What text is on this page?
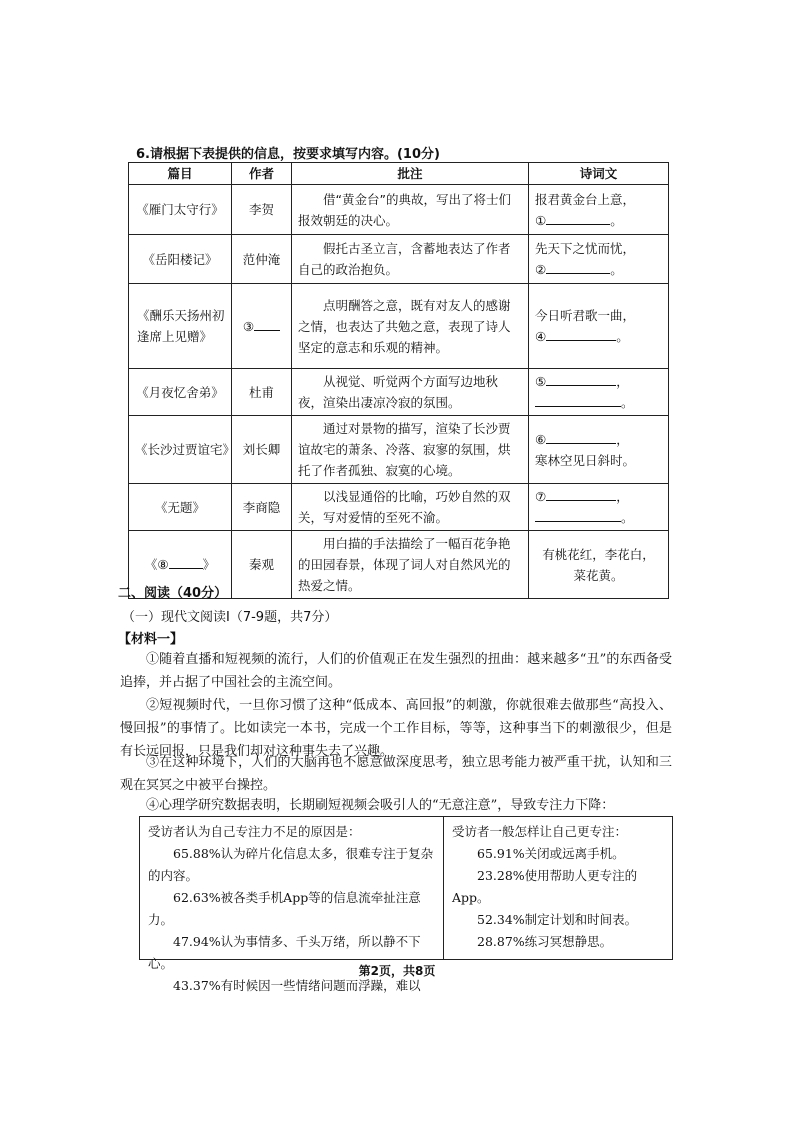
6.请根据下表提供的信息，按要求填写内容。(10分)
篇目	作者	批注	诗词文
《雁门太守行》	李贺	借“黄金台”的典故，写出了将士们报效朝廷的决心。	报君黄金台上意，
① 。

《岳阳楼记》	范仲淹	假托古圣立言，含蓄地表达了作者自己的政治抱负。	先天下之忧而忧，
② 。

《酬乐天扬州初逢席上见赠》	③	点明酬答之意，既有对友人的感谢之情，也表达了共勉之意，表现了诗人坚定的意志和乐观的精神。	今日听君歌一曲，
④ 。

《月夜忆舍弟》	杜甫	从视觉、听觉两个方面写边地秋夜，渲染出凄凉冷寂的氛围。	⑤ ，
。

《长沙过贾谊宅》	刘长卿	通过对景物的描写，渲染了长沙贾谊故宅的萧条、冷落、寂寥的氛围，烘托了作者孤独、寂寞的心境。	⑥ ，
寒林空见日斜时。

《无题》	李商隐	以浅显通俗的比喻，巧妙自然的双关，写对爱情的至死不渝。	⑦ ，
。

《⑧ 》	秦观	用白描的手法描绘了一幅百花争艳的田园春景，体现了词人对自然风光的热爱之情。	有桃花红，李花白，
菜花黄。
二、阅读（40分）
（一）现代文阅读Ⅰ（7-9题，共7分）
【材料一】
①随着直播和短视频的流行，人们的价值观正在发生强烈的扭曲：越来越多“丑”的东西备受追捧，并占据了中国社会的主流空间。
②短视频时代，一旦你习惯了这种“低成本、高回报”的刺激，你就很难去做那些“高投入、慢回报”的事情了。比如读完一本书，完成一个工作目标，等等，这种事当下的刺激很少，但是有长远回报，只是我们却对这种事失去了兴趣。
③在这种环境下，人们的大脑再也不愿意做深度思考，独立思考能力被严重干扰，认知和三观在冥冥之中被平台操控。
④心理学研究数据表明，长期刷短视频会吸引人的“无意注意”，导致专注力下降：

受访者认为自己专注力不足的原因是：

65.88%认为碎片化信息太多，很难专注于复杂的内容。

62.63%被各类手机App等的信息流牵扯注意力。

47.94%认为事情多、千头万绪，所以静不下心。

43.37%有时候因一些情绪问题而浮躁，难以

受访者一般怎样让自己更专注：

65.91%关闭或远离手机。

23.28%使用帮助人更专注的App。

52.34%制定计划和时间表。

28.87%练习冥想静思。

第2页，共8页
